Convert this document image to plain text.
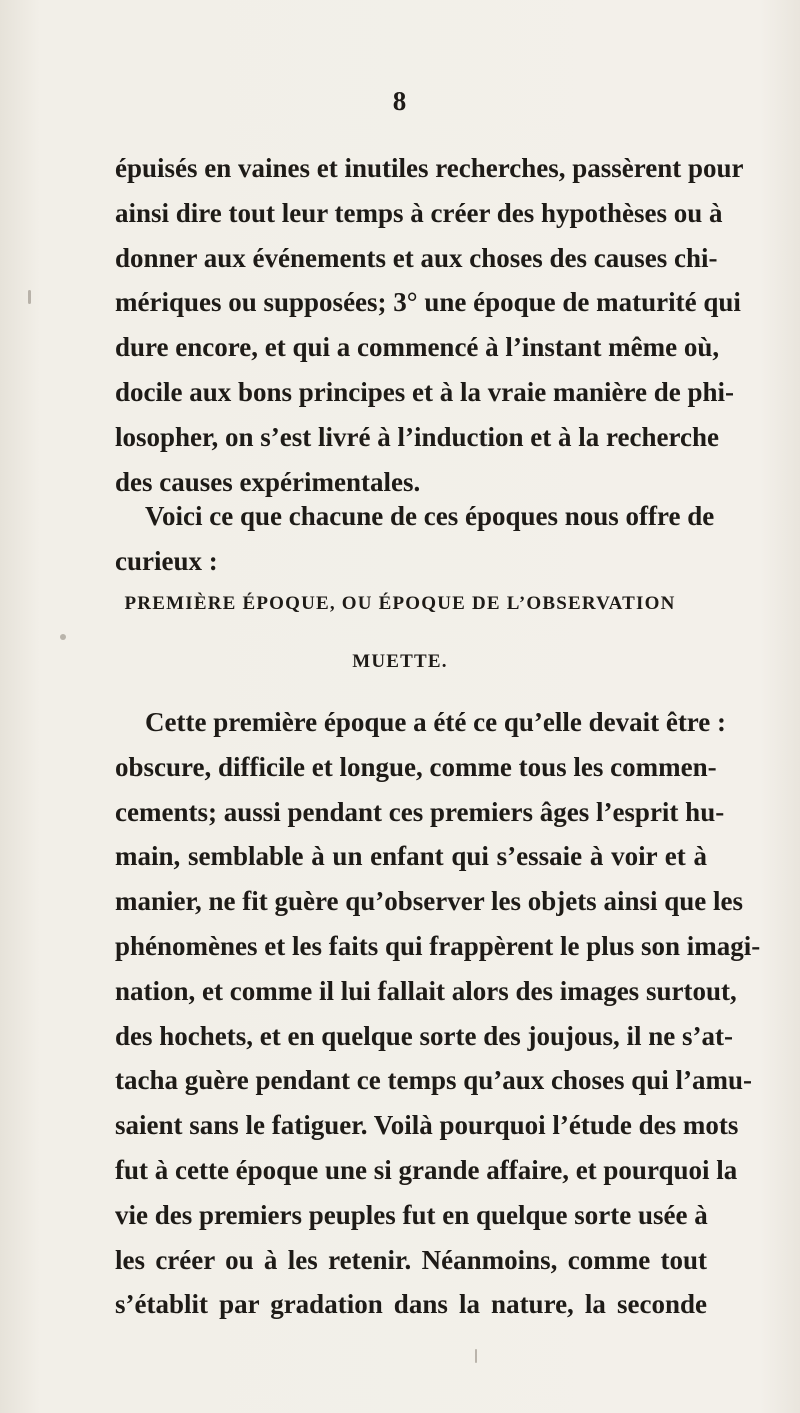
8
épuisés en vaines et inutiles recherches, passèrent pour
ainsi dire tout leur temps à créer des hypothèses ou à
donner aux événements et aux choses des causes chi-
mériques ou supposées; 3° une époque de maturité qui
dure encore, et qui a commencé à l’instant même où,
docile aux bons principes et à la vraie manière de phi-
losopher, on s’est livré à l’induction et à la recherche
des causes expérimentales.
Voici ce que chacune de ces époques nous offre de
curieux :
PREMIÈRE ÉPOQUE, OU ÉPOQUE DE L’OBSERVATION
MUETTE.
Cette première époque a été ce qu’elle devait être :
obscure, difficile et longue, comme tous les commen-
cements; aussi pendant ces premiers âges l’esprit hu-
main, semblable à un enfant qui s’essaie à voir et à
manier, ne fit guère qu’observer les objets ainsi que les
phénomènes et les faits qui frappèrent le plus son imagi-
nation, et comme il lui fallait alors des images surtout,
des hochets, et en quelque sorte des joujous, il ne s’at-
tacha guère pendant ce temps qu’aux choses qui l’amu-
saient sans le fatiguer. Voilà pourquoi l’étude des mots
fut à cette époque une si grande affaire, et pourquoi la
vie des premiers peuples fut en quelque sorte usée à
les créer ou à les retenir. Néanmoins, comme tout
s’établit par gradation dans la nature, la seconde
